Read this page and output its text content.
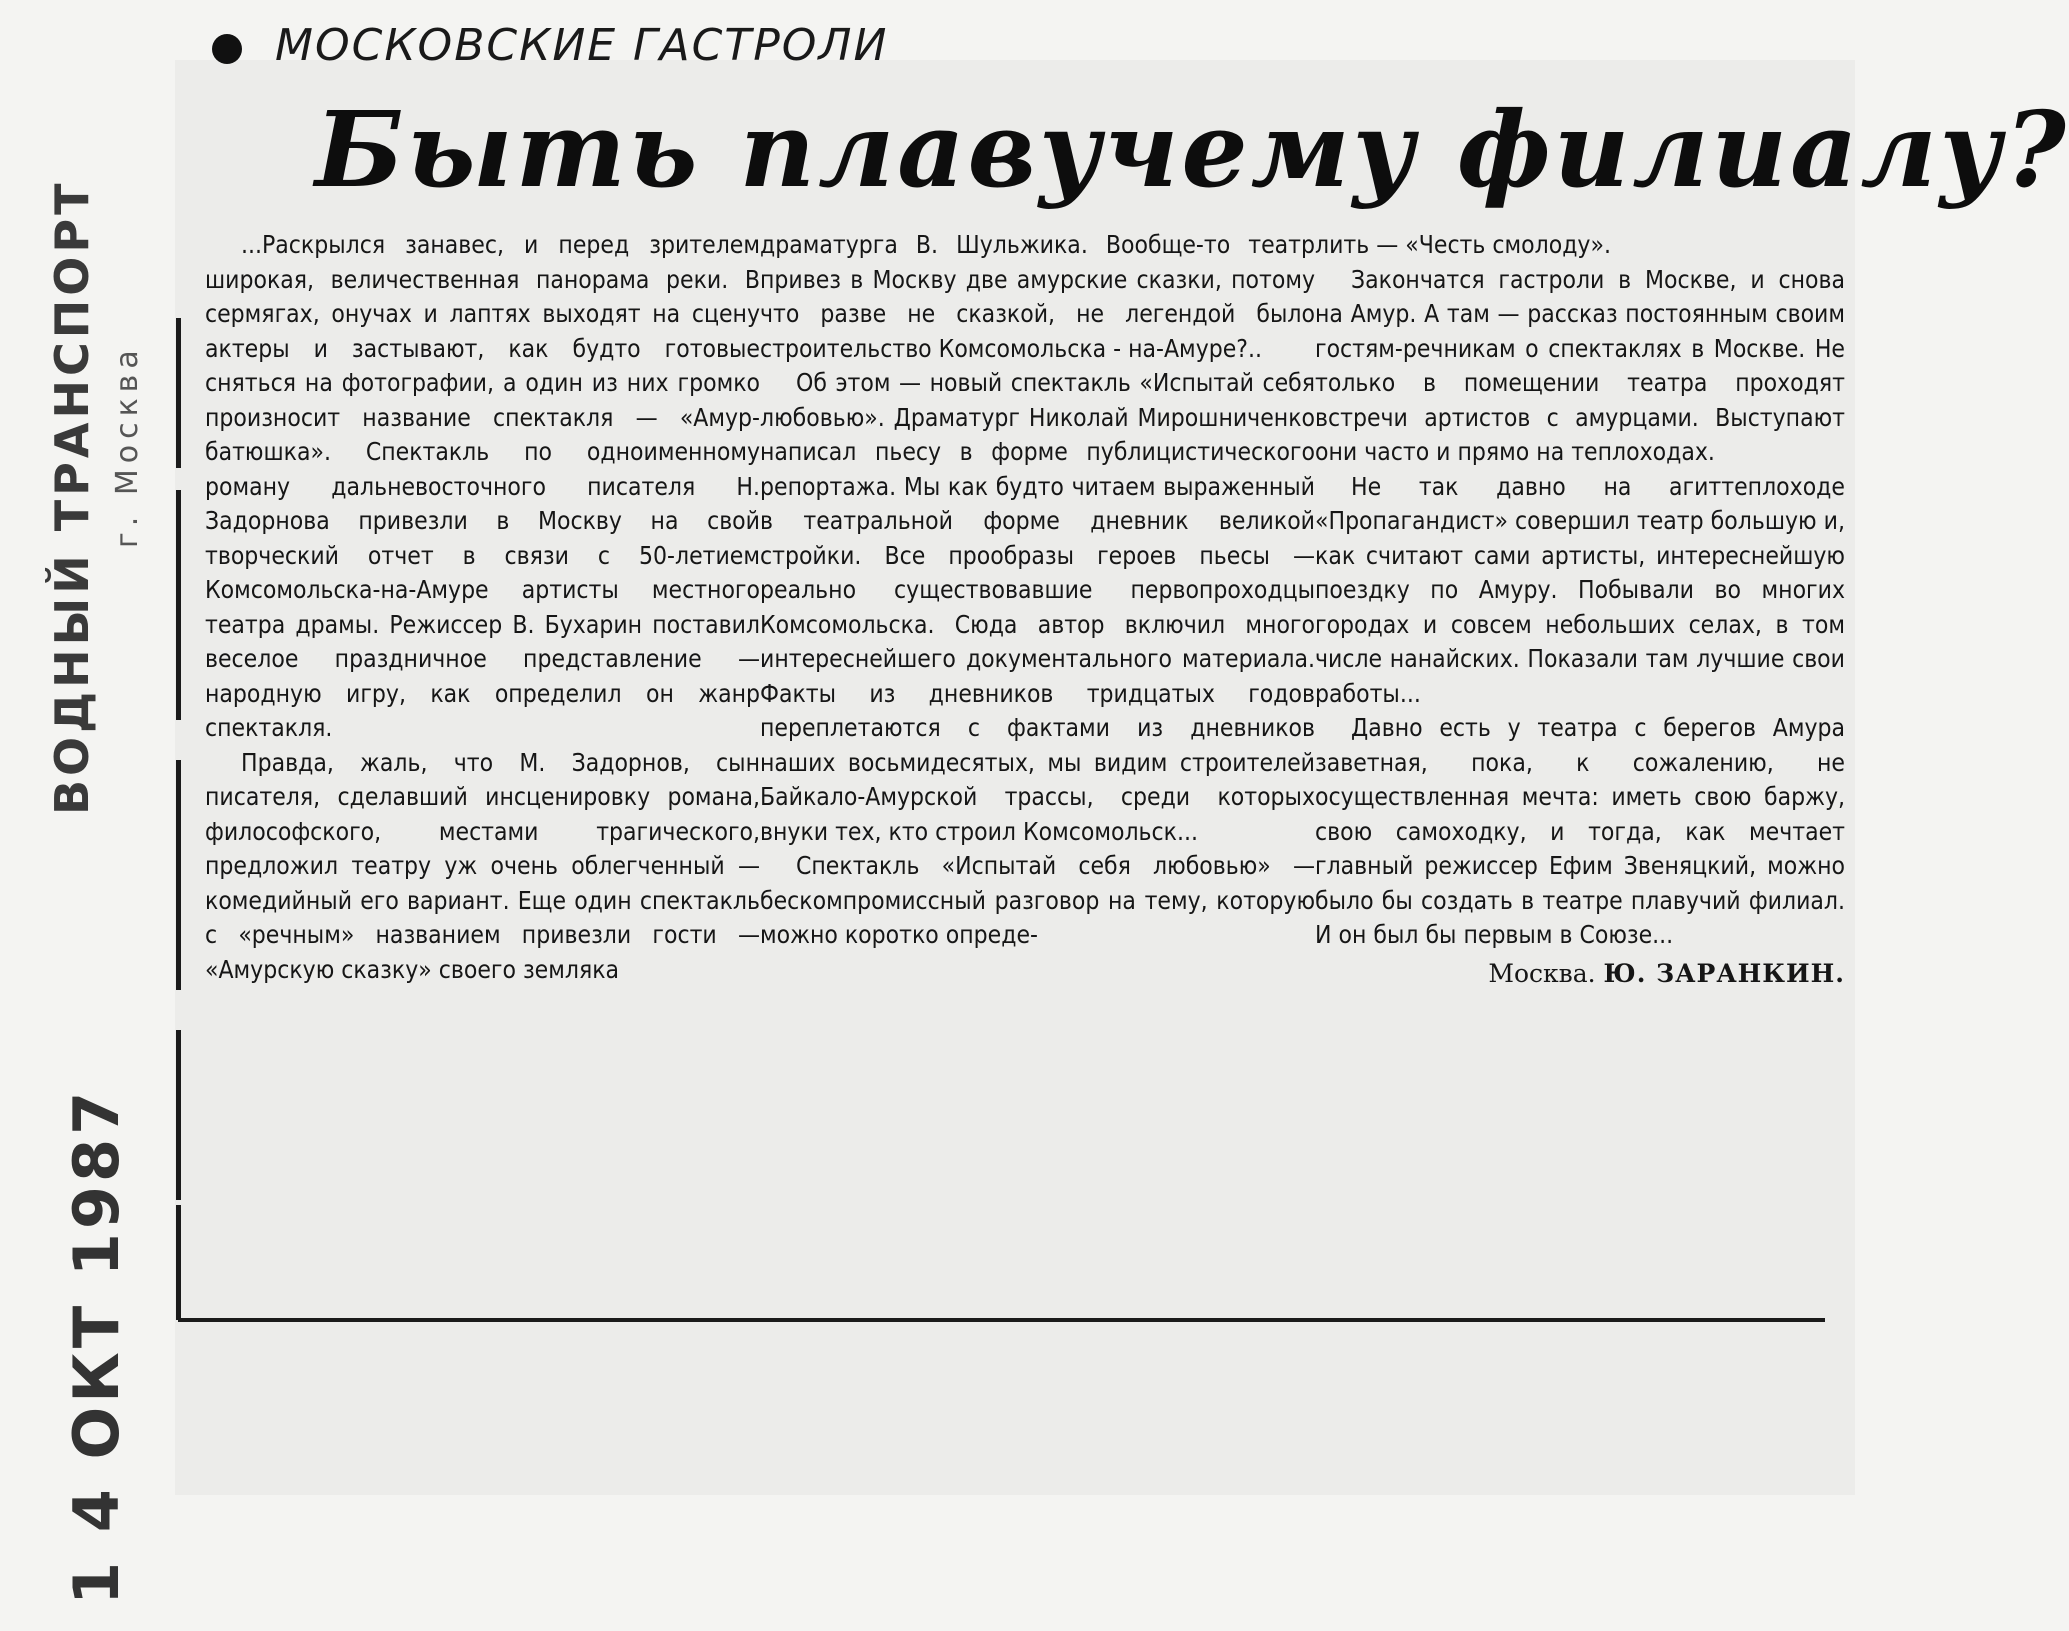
1 4 ОКТ 1987
ВОДНЫЙ ТРАНСПОРТ г. Москва
МОСКОВСКИЕ ГАСТРОЛИ
Быть плавучему филиалу?

...Раскрылся занавес, и перед зрителем широкая, величественная панорама реки. В сермягах, онучах и лаптях выходят на сцену актеры и застывают, как будто готовые сняться на фотографии, а один из них громко произносит название спектакля — «Амур-батюшка». Спектакль по одноименному роману дальневосточного писателя Н. Задорнова привезли в Москву на свой творческий отчет в связи с 50-летием Комсомольска-на-Амуре артисты местного театра драмы. Режиссер В. Бухарин поставил веселое праздничное представление — народную игру, как определил он жанр спектакля.

Правда, жаль, что М. Задорнов, сын писателя, сделавший инсценировку романа, философского, местами трагического, предложил театру уж очень облегченный — комедийный его вариант. Еще один спектакль с «речным» названием привезли гости — «Амурскую сказку» своего земляка

драматурга В. Шульжика. Вообще-то театр привез в Москву две амурские сказки, потому что разве не сказкой, не легендой было строительство Комсомольска - на-Амуре?..

Об этом — новый спектакль «Испытай себя любовью». Драматург Николай Мирошниченко написал пьесу в форме публицистического репортажа. Мы как будто читаем выраженный в театральной форме дневник великой стройки. Все прообразы героев пьесы — реально существовавшие первопроходцы Комсомольска. Сюда автор включил много интереснейшего документального материала. Факты из дневников тридцатых годов переплетаются с фактами из дневников наших восьмидесятых, мы видим строителей Байкало-Амурской трассы, среди которых внуки тех, кто строил Комсомольск...

Спектакль «Испытай себя любовью» — бескомпромиссный разговор на тему, которую можно коротко опреде-

лить — «Честь смолоду».

Закончатся гастроли в Москве, и снова на Амур. А там — рассказ постоянным своим гостям-речникам о спектаклях в Москве. Не только в помещении театра проходят встречи артистов с амурцами. Выступают они часто и прямо на теплоходах.

Не так давно на агиттеплоходе «Пропагандист» совершил театр большую и, как считают сами артисты, интереснейшую поездку по Амуру. Побывали во многих городах и совсем небольших селах, в том числе нанайских. Показали там лучшие свои работы...

Давно есть у театра с берегов Амура заветная, пока, к сожалению, не осуществленная мечта: иметь свою баржу, свою самоходку, и тогда, как мечтает главный режиссер Ефим Звеняцкий, можно было бы создать в театре плавучий филиал. И он был бы первым в Союзе...

Москва. Ю. ЗАРАНКИН.
